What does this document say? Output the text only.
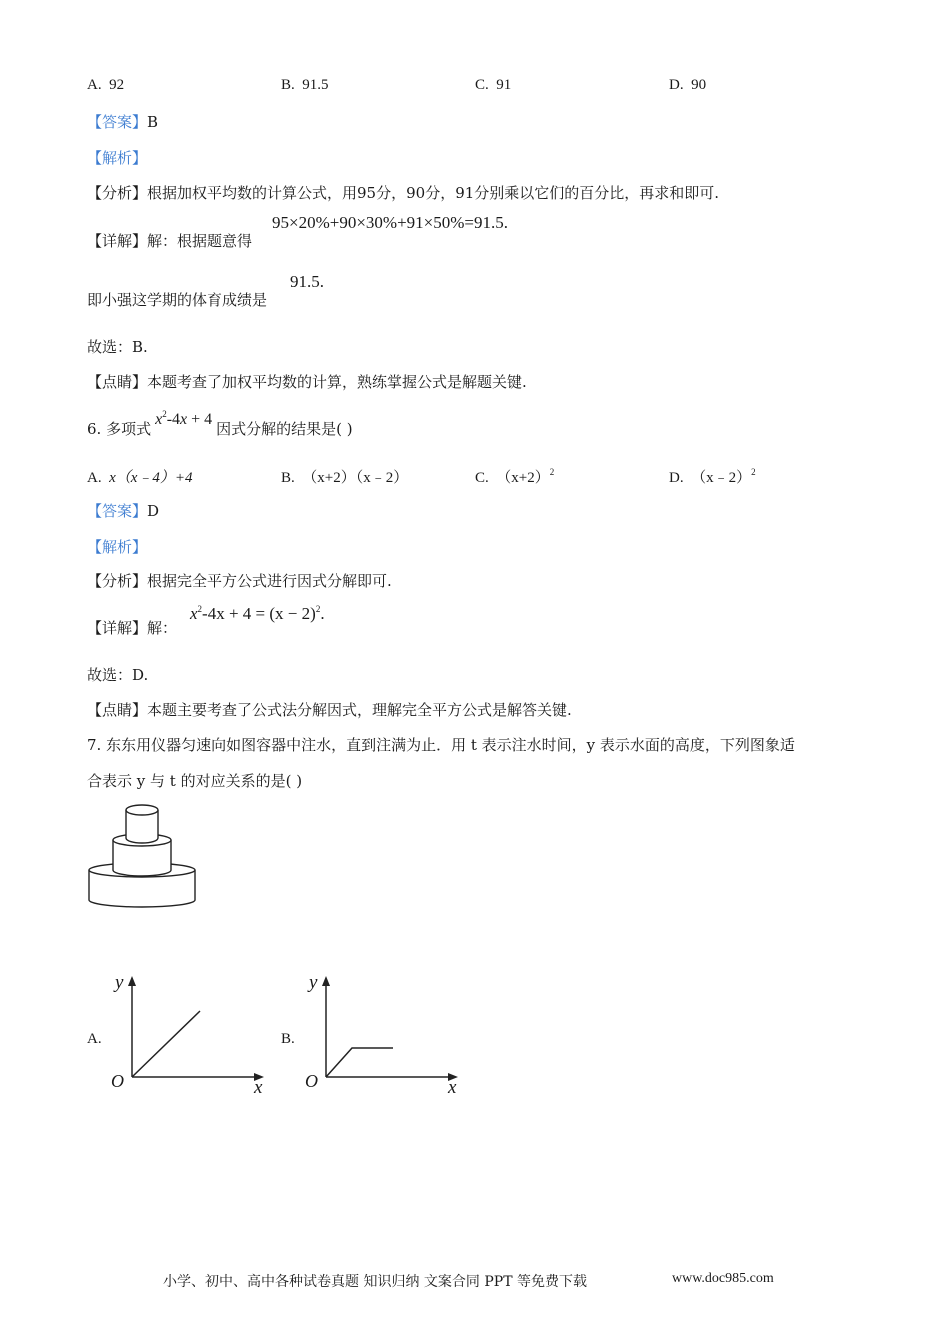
A. 92	B. 91.5	C. 91	D. 90
【答案】B
【解析】
【分析】根据加权平均数的计算公式，用95分，90分，91分别乘以它们的百分比，再求和即可.
【详解】解：根据题意得
95×20%+90×30%+91×50%=91.5.
即小强这学期的体育成绩是
91.5.
故选：B.
【点睛】本题考查了加权平均数的计算，熟练掌握公式是解题关键.
6. 多项式$x^2-4x + 4$因式分解的结果是( )
A. x（x﹣4）+4	B. （x+2）（x﹣2）	C. $(x+2)^2$	D. （x﹣2）$^2$
【答案】D
【解析】
【分析】根据完全平方公式进行因式分解即可.
【详解】解：
$x^2-4x + 4 = (x - 2)^2$.
故选：D.
【点睛】本题主要考查了公式法分解因式，理解完全平方公式是解答关键.
7. 东东用仪器匀速向如图容器中注水，直到注满为止．用 t 表示注水时间，y 表示水面的高度，下列图象适
合表示 y 与 t 的对应关系的是( )
A.
y
x
O
B.
y
x
O
小学、初中、高中各种试卷真题 知识归纳 文案合同 PPT 等免费下载	www.doc985.com
